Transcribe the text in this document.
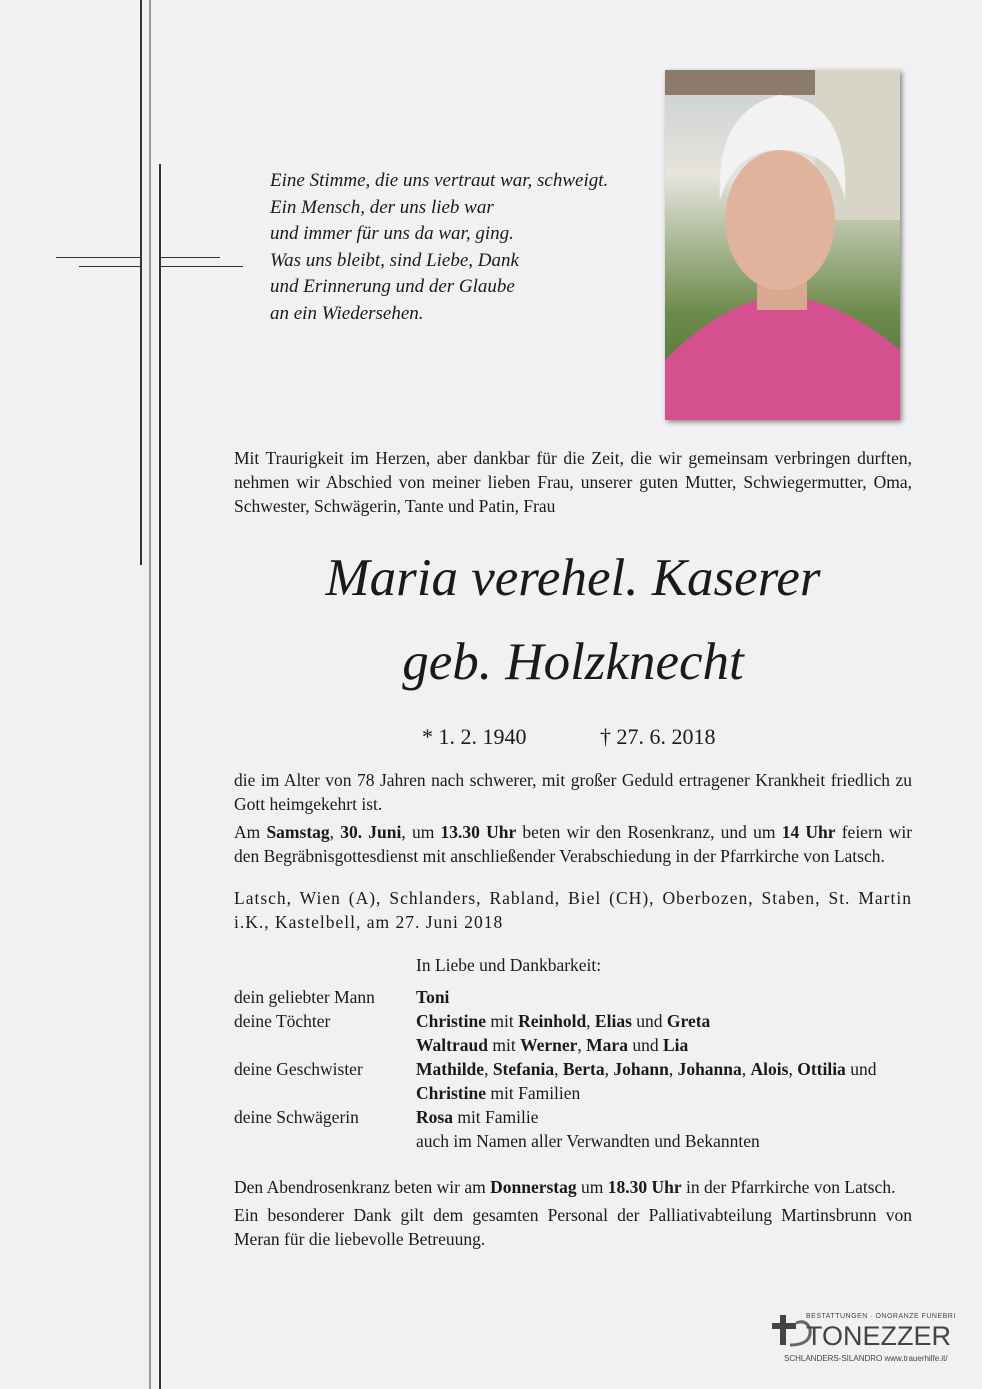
Eine Stimme, die uns vertraut war, schweigt.
Ein Mensch, der uns lieb war
und immer für uns da war, ging.
Was uns bleibt, sind Liebe, Dank
und Erinnerung und der Glaube
an ein Wiedersehen.
Mit Traurigkeit im Herzen, aber dankbar für die Zeit, die wir gemeinsam verbringen durften, nehmen wir Abschied von meiner lieben Frau, unserer guten Mutter, Schwiegermutter, Oma, Schwester, Schwägerin, Tante und Patin, Frau
Maria verehel. Kaserer
geb. Holzknecht
* 1. 2. 1940	† 27. 6. 2018
die im Alter von 78 Jahren nach schwerer, mit großer Geduld ertragener Krankheit friedlich zu Gott heimgekehrt ist.
Am Samstag, 30. Juni, um 13.30 Uhr beten wir den Rosenkranz, und um 14 Uhr feiern wir den Begräbnisgottesdienst mit anschließender Verabschiedung in der Pfarrkirche von Latsch.
Latsch, Wien (A), Schlanders, Rabland, Biel (CH), Oberbozen, Staben, St. Martin i.K., Kastelbell, am 27. Juni 2018
In Liebe und Dankbarkeit:
dein geliebter Mann	Toni
deine Töchter	Christine mit Reinhold, Elias und Greta
Waltraud mit Werner, Mara und Lia
deine Geschwister	Mathilde, Stefania, Berta, Johann, Johanna, Alois, Ottilia und
Christine mit Familien
deine Schwägerin	Rosa mit Familie
auch im Namen aller Verwandten und Bekannten
Den Abendrosenkranz beten wir am Donnerstag um 18.30 Uhr in der Pfarrkirche von Latsch.
Ein besonderer Dank gilt dem gesamten Personal der Palliativabteilung Martinsbrunn von Meran für die liebevolle Betreuung.
BESTATTUNGEN · ONORANZE FUNEBRI
TONEZZER
SCHLANDERS-SILANDRO www.trauerhilfe.it/
